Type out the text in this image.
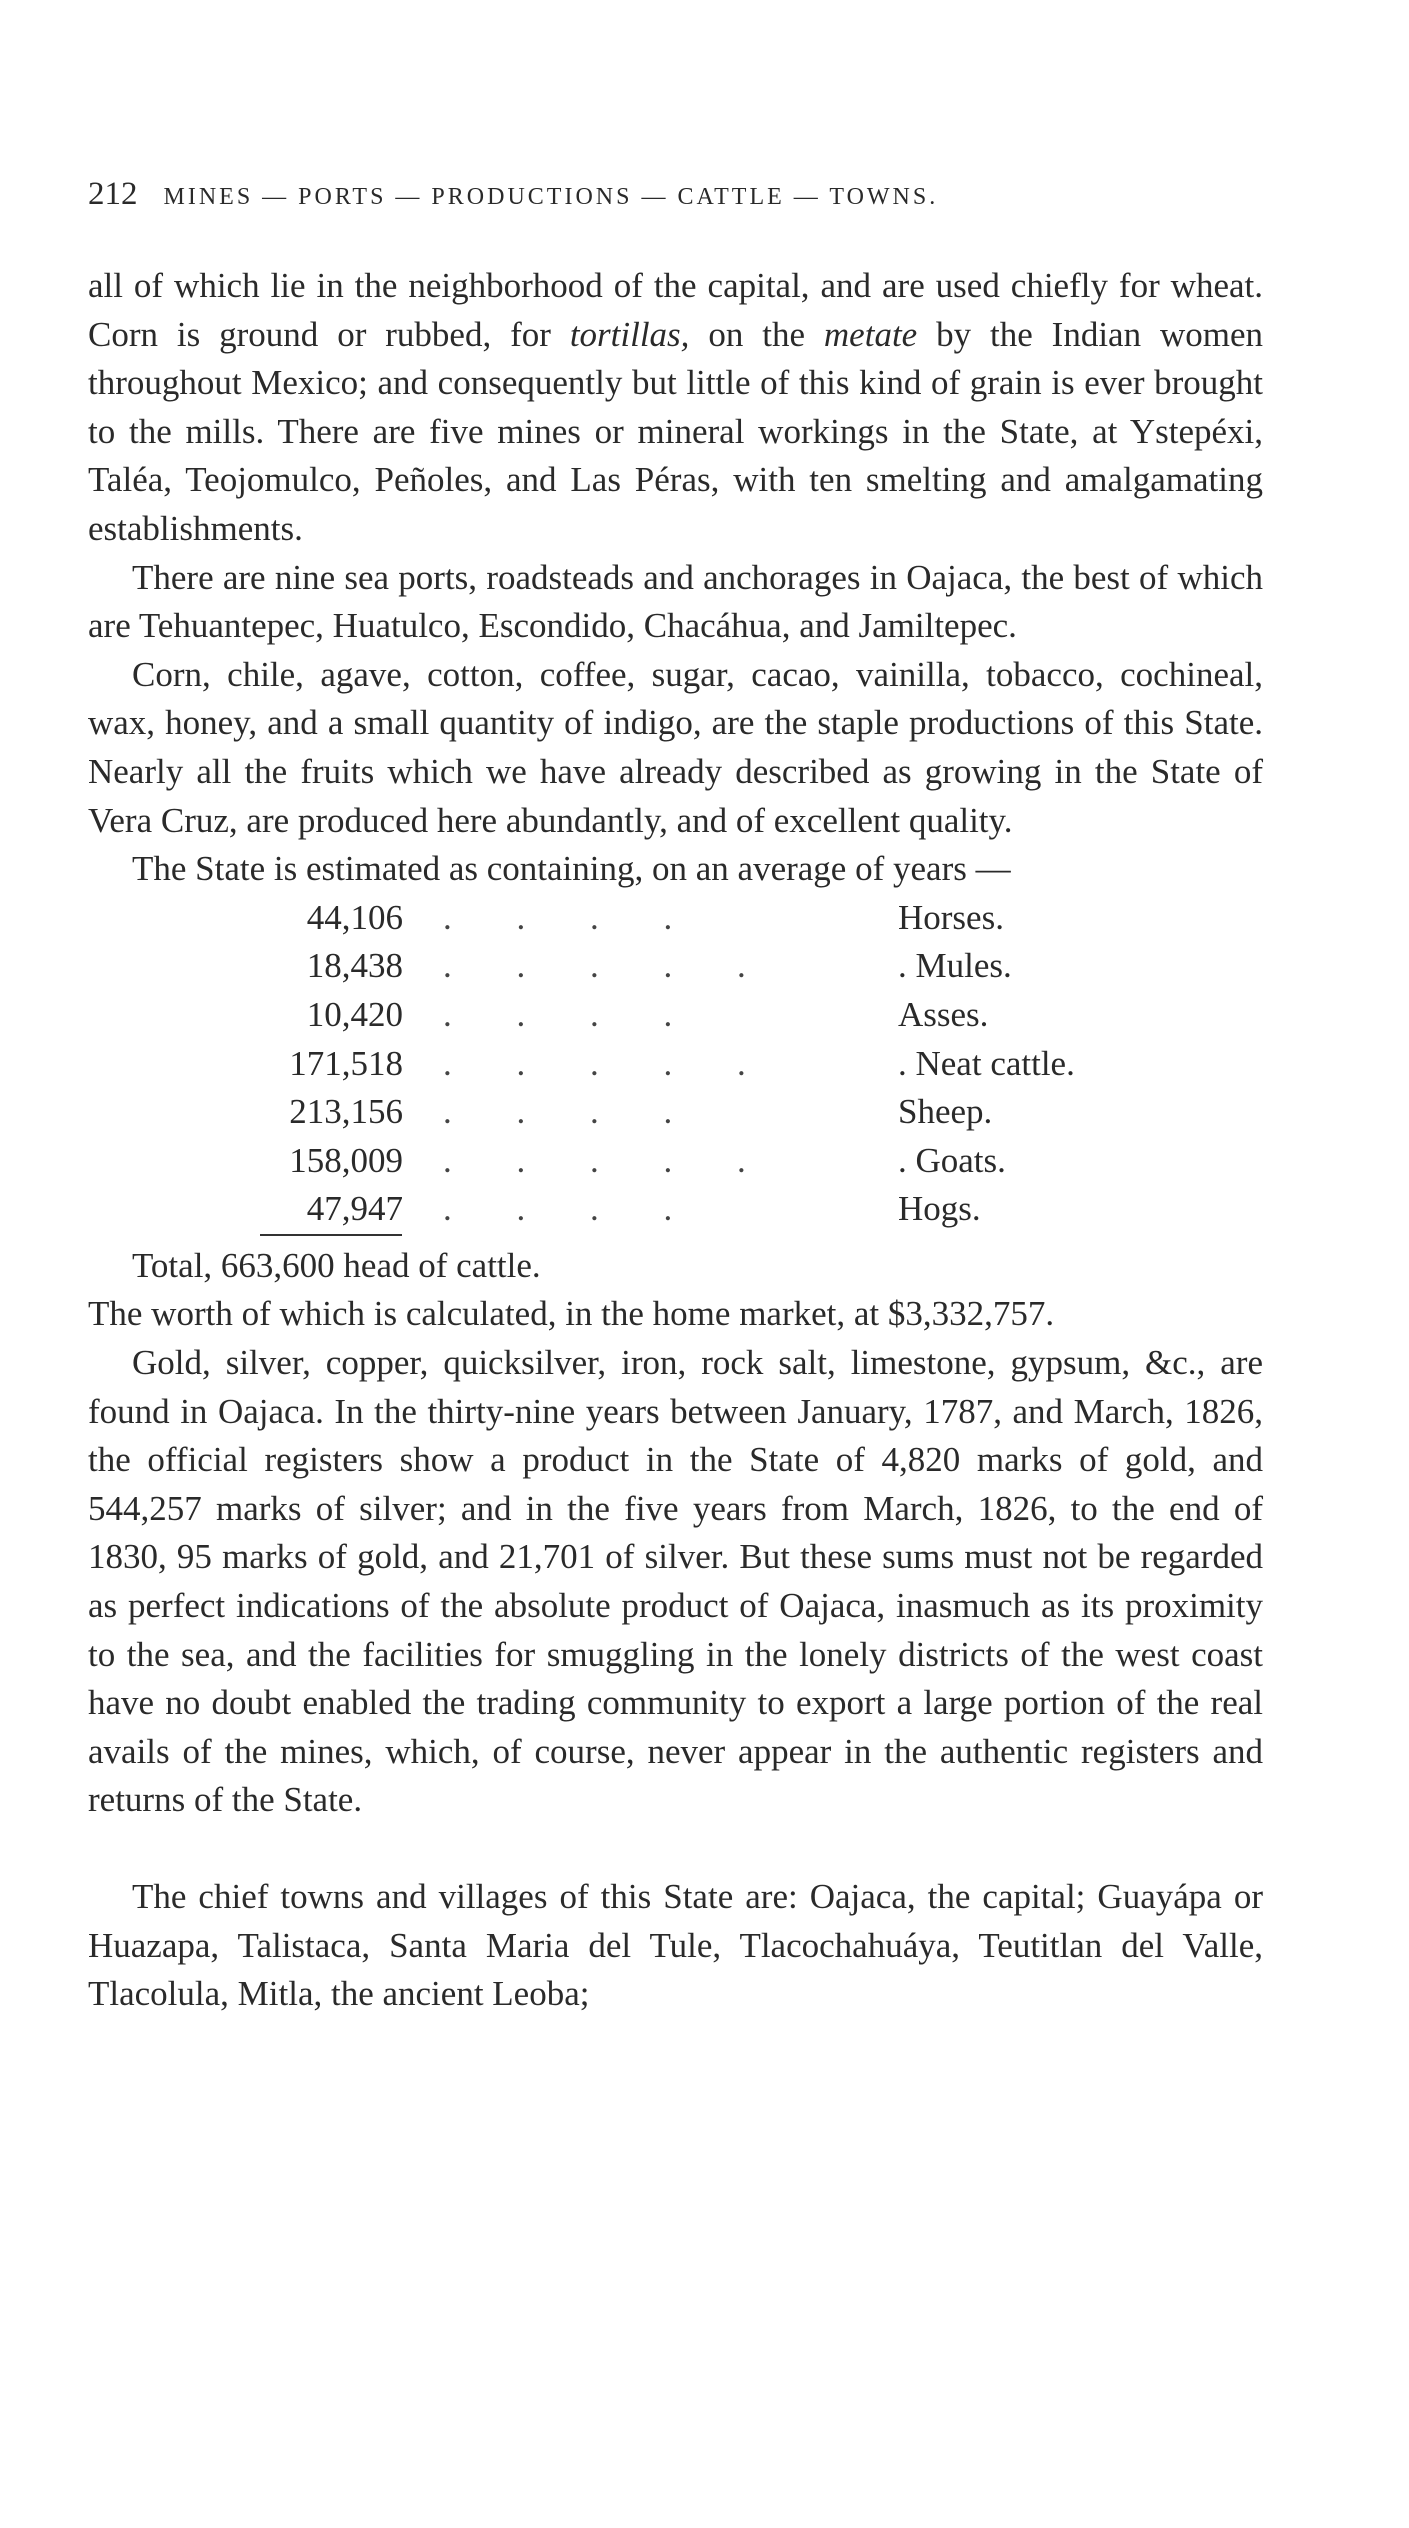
212 MINES — PORTS — PRODUCTIONS — CATTLE — TOWNS.

all of which lie in the neighborhood of the capital, and are used chiefly for wheat. Corn is ground or rubbed, for tortillas, on the metate by the Indian women throughout Mexico; and consequently but little of this kind of grain is ever brought to the mills. There are five mines or mineral workings in the State, at Ystepéxi, Taléa, Teojomulco, Peñoles, and Las Péras, with ten smelting and amalgamating establishments.

There are nine sea ports, roadsteads and anchorages in Oajaca, the best of which are Tehuantepec, Huatulco, Escondido, Chacáhua, and Jamiltepec.

Corn, chile, agave, cotton, coffee, sugar, cacao, vainilla, tobacco, cochineal, wax, honey, and a small quantity of indigo, are the staple productions of this State. Nearly all the fruits which we have already described as growing in the State of Vera Cruz, are produced here abundantly, and of excellent quality.

The State is estimated as containing, on an average of years —

44,106	. . . .	Horses.
18,438	. . . . .	. Mules.
10,420	. . . .	Asses.
171,518	. . . . .	. Neat cattle.
213,156	. . . .	Sheep.
158,009	. . . . .	. Goats.
47,947	. . . .	Hogs.

Total, 663,600 head of cattle.

The worth of which is calculated, in the home market, at $3,332,757.

Gold, silver, copper, quicksilver, iron, rock salt, limestone, gypsum, &c., are found in Oajaca. In the thirty-nine years between January, 1787, and March, 1826, the official registers show a product in the State of 4,820 marks of gold, and 544,257 marks of silver; and in the five years from March, 1826, to the end of 1830, 95 marks of gold, and 21,701 of silver. But these sums must not be regarded as perfect indications of the absolute product of Oajaca, inasmuch as its proximity to the sea, and the facilities for smuggling in the lonely districts of the west coast have no doubt enabled the trading community to export a large portion of the real avails of the mines, which, of course, never appear in the authentic registers and returns of the State.

The chief towns and villages of this State are: Oajaca, the capital; Guayápa or Huazapa, Talistaca, Santa Maria del Tule, Tlacochahuáya, Teutitlan del Valle, Tlacolula, Mitla, the ancient Leoba;
